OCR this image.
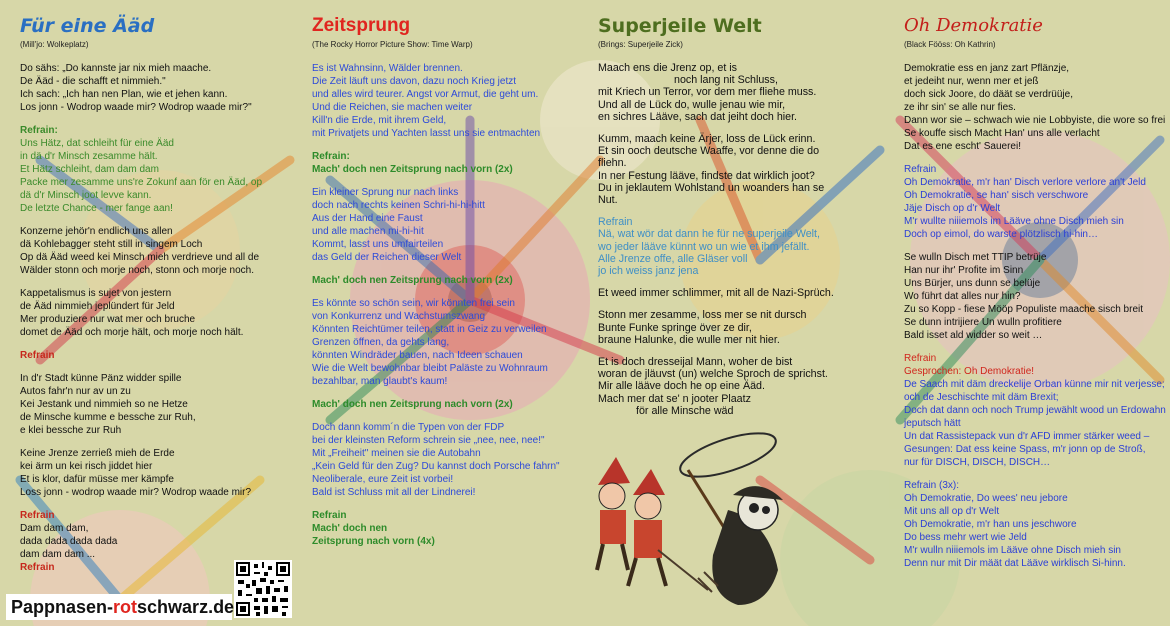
Für eine Ääd
(Mill'jo: Wolkeplatz)
Do sähs: „Do kannste jar nix mieh maache.
De Ääd - die schafft et nimmieh."
Ich sach: „Ich han nen Plan, wie et jehen kann.
Los jonn - Wodrop waade mir? Wodrop waade mir?"
Refrain:
Uns Hätz, dat schleiht für eine Ääd
in dä d'r Minsch zesamme hält.
Et Hätz schleiht, dam dam dam
Packe mer zesamme uns're Zokunf aan för en Ääd, op
dä d'r Minsch joot levve kann.
De letzte Chance - mer fange aan!
Konzerne jehör'n endlich uns allen
dä Kohlebagger steht still in singem Loch
Op dä Ääd weed kei Minsch mieh verdrieve und all de
Wälder stonn och morje noch, stonn och morje noch.
Kappetalismus is sujet von jestern
de Ääd nimmieh jeplündert für Jeld
Mer produziere nur wat mer och bruche
domet de Ääd och morje hält, och morje noch hält.
Refrain
In d'r Stadt künne Pänz widder spille
Autos fahr'n nur av un zu
Kei Jestank und nimmieh so ne Hetze
de Minsche kumme e bessche zur Ruh,
e klei bessche zur Ruh
Keine Jrenze zerrieß mieh de Erde
kei ärm un kei risch jiddet hier
Et is klor, dafür müsse mer kämpfe
Loss jonn - wodrop waade mir? Wodrop waade mir?
Refrain
Dam dam dam,
dada dada dada dada
dam dam dam ...
Refrain
Zeitsprung
(The Rocky Horror Picture Show: Time Warp)
Es ist Wahnsinn, Wälder brennen.
Die Zeit läuft uns davon, dazu noch Krieg jetzt
und alles wird teurer. Angst vor Armut, die geht um.
Und die Reichen, sie machen weiter
Kill'n die Erde, mit ihrem Geld,
mit Privatjets und Yachten lasst uns sie entmachten
Refrain:
Mach' doch nen Zeitsprung nach vorn (2x)
Ein kleiner Sprung nur nach links
doch nach rechts keinen Schri-hi-hi-hitt
Aus der Hand eine Faust
und alle machen mi-hi-hit
Kommt, lasst uns umfairteilen
das Geld der Reichen dieser Welt
Mach' doch nen Zeitsprung nach vorn (2x)
Es könnte so schön sein, wir könnten frei sein
von Konkurrenz und Wachstumszwang
Könnten Reichtümer teilen, statt in Geiz zu verweilen
Grenzen öffnen, da gehts lang,
könnten Windräder bauen, nach Ideen schauen
Wie die Welt bewohnbar bleibt Paläste zu Wohnraum
bezahlbar, man glaubt's kaum!
Mach' doch nen Zeitsprung nach vorn (2x)
Doch dann komm´n die Typen von der FDP
bei der kleinsten Reform schrein sie „nee, nee, nee!"
Mit „Freiheit" meinen sie die Autobahn
„Kein Geld für den Zug? Du kannst doch Porsche fahrn"
Neoliberale, eure Zeit ist vorbei!
Bald ist Schluss mit all der Lindnerei!
Refrain
Mach' doch nen
Zeitsprung nach vorn (4x)
Superjeile Welt
(Brings: Superjeile Zick)
Maach ens die Jrenz op, et is
noch lang nit Schluss,
mit Kriech un Terror, vor dem mer fliehe muss.
Und all de Lück do, wulle jenau wie mir,
en sichres Lääve, sach dat jeiht doch hier.
Kumm, maach keine Ärjer, loss de Lück erinn.
Et sin ooch deutsche Waaffe, vor denne die do
fliehn.
In ner Festung lääve, findste dat wirklich joot?
Du in jeklautem Wohlstand un woanders han se
Nut.
Refrain
Nä, wat wör dat dann he für ne superjeile Welt,
wo jeder lääve künnt wo un wie et ihm jefällt.
Alle Jrenze offe, alle Gläser voll
jo ich weiss janz jena
Et weed immer schlimmer, mit all de Nazi-Sprüch.
Stonn mer zesamme, loss mer se nit dursch
Bunte Funke springe över ze dir,
braune Halunke, die wulle mer nit hier.
Et is doch dresseijal Mann, woher de bist
woran de jläuvst (un) welche Sproch de sprichst.
Mir alle lääve doch he op eine Ääd.
Mach mer dat se' n jooter Plaatz
för alle Minsche wäd
Oh Demokratie
(Black Fööss: Oh Kathrin)
Demokratie ess en janz zart Pflänzje,
et jedeiht nur, wenn mer et jeß
doch sick Joore, do däät se verdrüüje,
ze ihr sin' se alle nur fies.
Dann wor sie – schwach wie nie Lobbyiste, die wore so frei
Se kouffe sisch Macht Han' uns alle verlacht
Dat es ene escht' Sauerei!
Refrain
Oh Demokratie, m'r han' Disch verlore verlore an't Jeld
Oh Demokratie, se han' sisch verschwore
Jäje Disch op d'r Welt
M'r wullte niiiemols im Lääve ohne Disch mieh sin
Doch op eimol, do warste plötzlisch hi-hin…
Se wulln Disch met TTIP betrüje
Han nur ihr' Profite im Sinn
Uns Bürjer, uns dunn se belüje
Wo führt dat alles nur hin?
Zu so Kopp - fiese Mööp Populiste maache sisch breit
Se dunn intrijiere Un wulln profitiere
Bald isset ald widder so weit …
Refrain
Gesprochen: Oh Demokratie!
De Saach mit däm dreckelije Orban künne mir nit verjesse;
och de Jeschischte mit däm Brexit;
Doch dat dann och noch Trump jewählt wood un Erdowahn
jeputsch hätt
Un dat Rassistepack vun d'r AFD immer stärker weed –
Gesungen: Dat ess keine Spass, m'r jonn op de Stroß,
nur für DISCH, DISCH, DISCH…
Refrain (3x):
Oh Demokratie, Do wees' neu jebore
Mit uns all op d'r Welt
Oh Demokratie, m'r han uns jeschwore
Do bess mehr wert wie Jeld
M'r wulln niiiemols im Lääve ohne Disch mieh sin
Denn nur mit Dir määt dat Lääve wirklisch Si-hinn.
Pappnasen-rotschwarz.de
